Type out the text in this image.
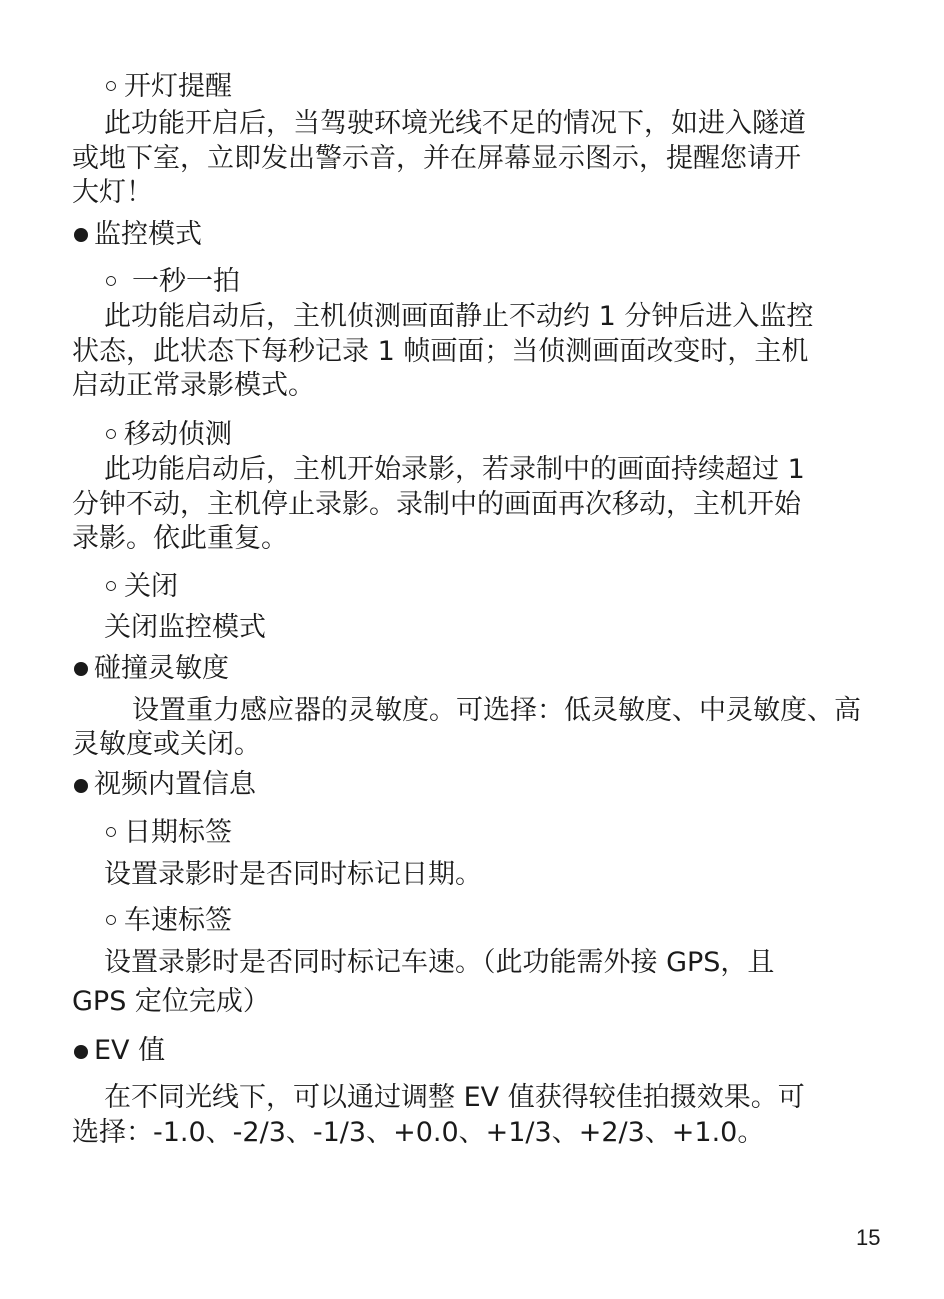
开灯提醒

此功能开启后，当驾驶环境光线不足的情况下，如进入隧道

或地下室，立即发出警示音，并在屏幕显示图示，提醒您请开

大灯！

监控模式

一秒一拍

此功能启动后，主机侦测画面静止不动约 1 分钟后进入监控

状态，此状态下每秒记录 1 帧画面；当侦测画面改变时，主机

启动正常录影模式。

移动侦测

此功能启动后，主机开始录影，若录制中的画面持续超过 1

分钟不动，主机停止录影。录制中的画面再次移动，主机开始

录影。依此重复。

关闭

关闭监控模式

碰撞灵敏度

设置重力感应器的灵敏度。可选择：低灵敏度、中灵敏度、高

灵敏度或关闭。

视频内置信息

日期标签

设置录影时是否同时标记日期。

车速标签

设置录影时是否同时标记车速。（此功能需外接 GPS，且

GPS 定位完成）

EV 值

在不同光线下，可以通过调整 EV 值获得较佳拍摄效果。可

选择：-1.0、-2/3、-1/3、+0.0、+1/3、+2/3、+1.0。

15
